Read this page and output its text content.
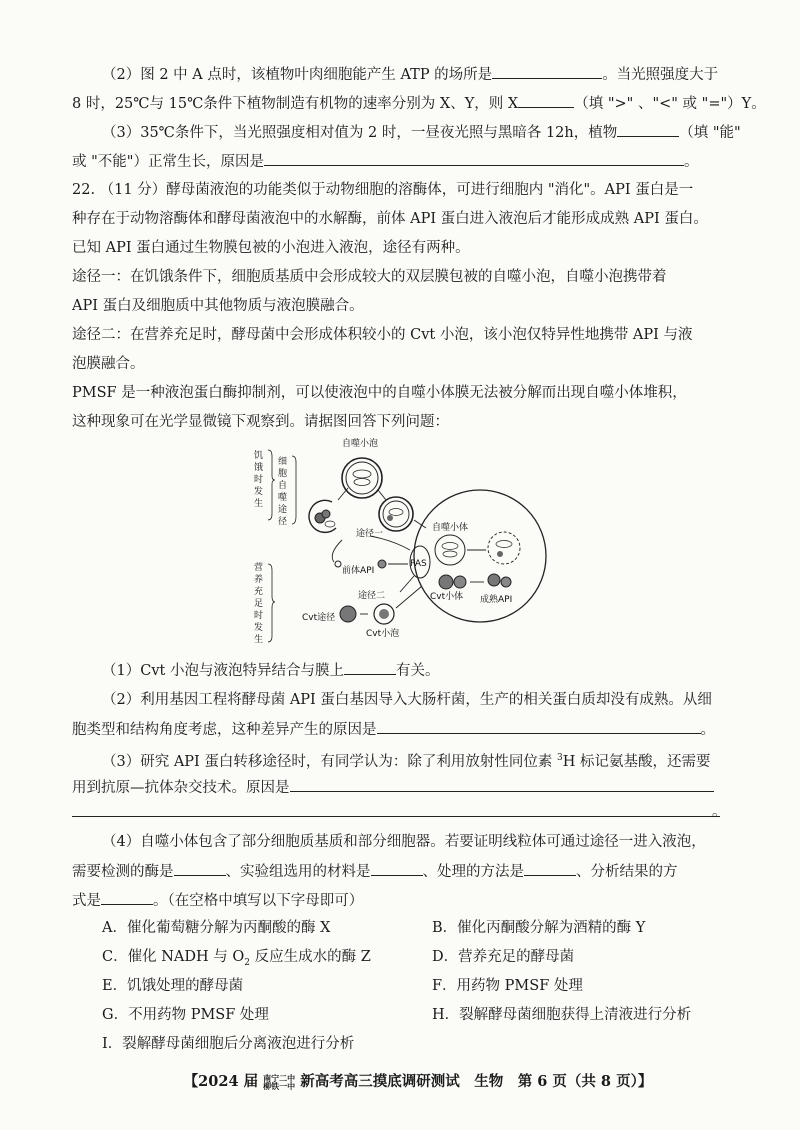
（2）图 2 中 A 点时，该植物叶肉细胞能产生 ATP 的场所是	。当光照强度大于
8 时，25℃与 15℃条件下植物制造有机物的速率分别为 X、Y，则 X	（填 ">" 、"<" 或 "="）Y。
（3）35℃条件下，当光照强度相对值为 2 时，一昼夜光照与黑暗各 12h，植物	（填 "能"
或 "不能"）正常生长，原因是	。
22. （11 分）酵母菌液泡的功能类似于动物细胞的溶酶体，可进行细胞内 "消化"。API 蛋白是一
种存在于动物溶酶体和酵母菌液泡中的水解酶，前体 API 蛋白进入液泡后才能形成成熟 API 蛋白。
已知 API 蛋白通过生物膜包被的小泡进入液泡，途径有两种。
途径一：在饥饿条件下，细胞质基质中会形成较大的双层膜包被的自噬小泡，自噬小泡携带着
API 蛋白及细胞质中其他物质与液泡膜融合。
途径二：在营养充足时，酵母菌中会形成体积较小的 Cvt 小泡，该小泡仅特异性地携带 API 与液
泡膜融合。
PMSF 是一种液泡蛋白酶抑制剂，可以使液泡中的自噬小体膜无法被分解而出现自噬小体堆积，
这种现象可在光学显微镜下观察到。请据图回答下列问题：
饥
饿
时
发
生
细
胞
自
噬
途
径
营
养
充
足
时
发
生
自噬小泡
途径一
自噬小体
前体API
PAS
Cvt小体 成熟API
途径二
Cvt途径
Cvt小泡
（1）Cvt 小泡与液泡特异结合与膜上	有关。
（2）利用基因工程将酵母菌 API 蛋白基因导入大肠杆菌，生产的相关蛋白质却没有成熟。从细
胞类型和结构角度考虑，这种差异产生的原因是	。
（3）研究 API 蛋白转移途径时，有同学认为：除了利用放射性同位素 $^3$H 标记氨基酸，还需要
用到抗原—抗体杂交技术。原因是
。
（4）自噬小体包含了部分细胞质基质和部分细胞器。若要证明线粒体可通过途径一进入液泡，
需要检测的酶是	、实验组选用的材料是	、处理的方法是	、分析结果的方
式是	。（在空格中填写以下字母即可）
A．催化葡萄糖分解为丙酮酸的酶 X	B．催化丙酮酸分解为酒精的酶 Y
C．催化 NADH 与 $O_2$ 反应生成水的酶 Z	D．营养充足的酵母菌
E．饥饿处理的酵母菌	F．用药物 PMSF 处理
G．不用药物 PMSF 处理	H．裂解酵母菌细胞获得上清液进行分析
I．裂解酵母菌细胞后分离液泡进行分析
【2024 届 南宁二中
柳铁一中 新高考高三摸底调研测试　生物　第 6 页（共 8 页）】
